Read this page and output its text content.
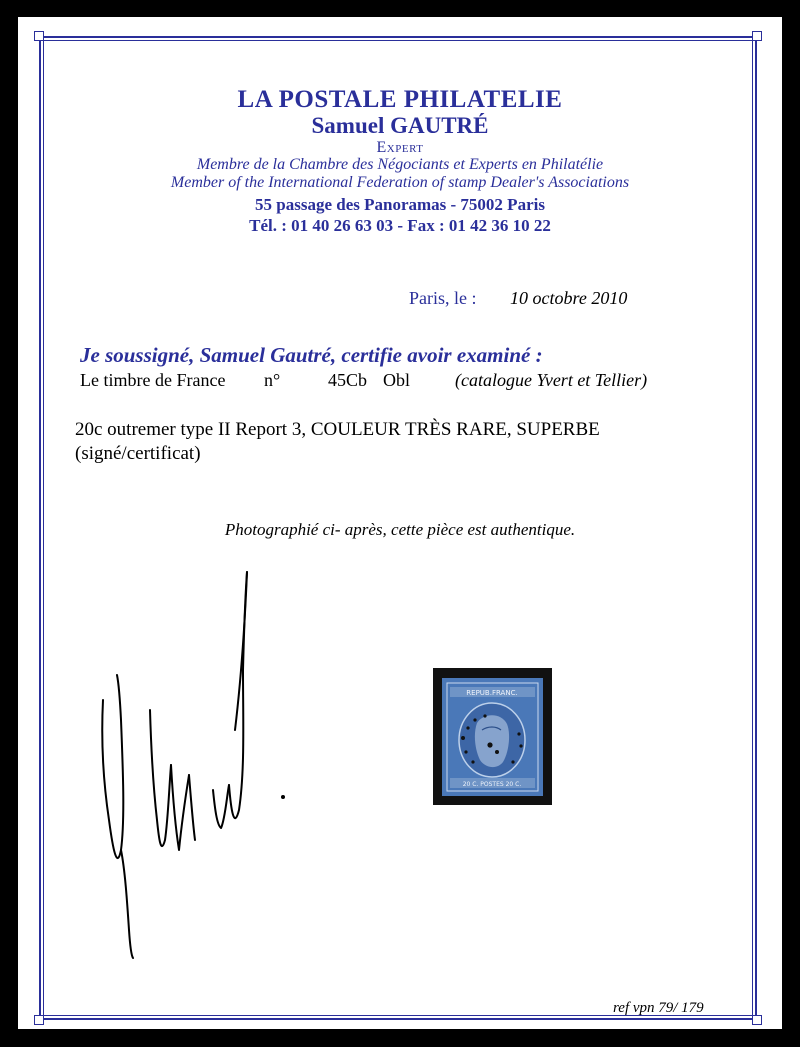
LA POSTALE PHILATELIE
Samuel GAUTRÉ
Expert
Membre de la Chambre des Négociants et Experts en Philatélie
Member of the International Federation of stamp Dealer's Associations
55 passage des Panoramas - 75002 Paris
Tél. : 01 40 26 63 03 - Fax : 01 42 36 10 22
Paris, le : 10 octobre 2010
Je soussigné, Samuel Gautré, certifie avoir examiné :
Le timbre de France n°	45Cb Obl	(catalogue Yvert et Tellier)
20c outremer type II Report 3, COULEUR TRÈS RARE, SUPERBE
(signé/certificat)
Photographié ci- après, cette pièce est authentique.
REPUB.FRANC.
20 C. POSTES 20 C.
ref vpn 79/ 179
